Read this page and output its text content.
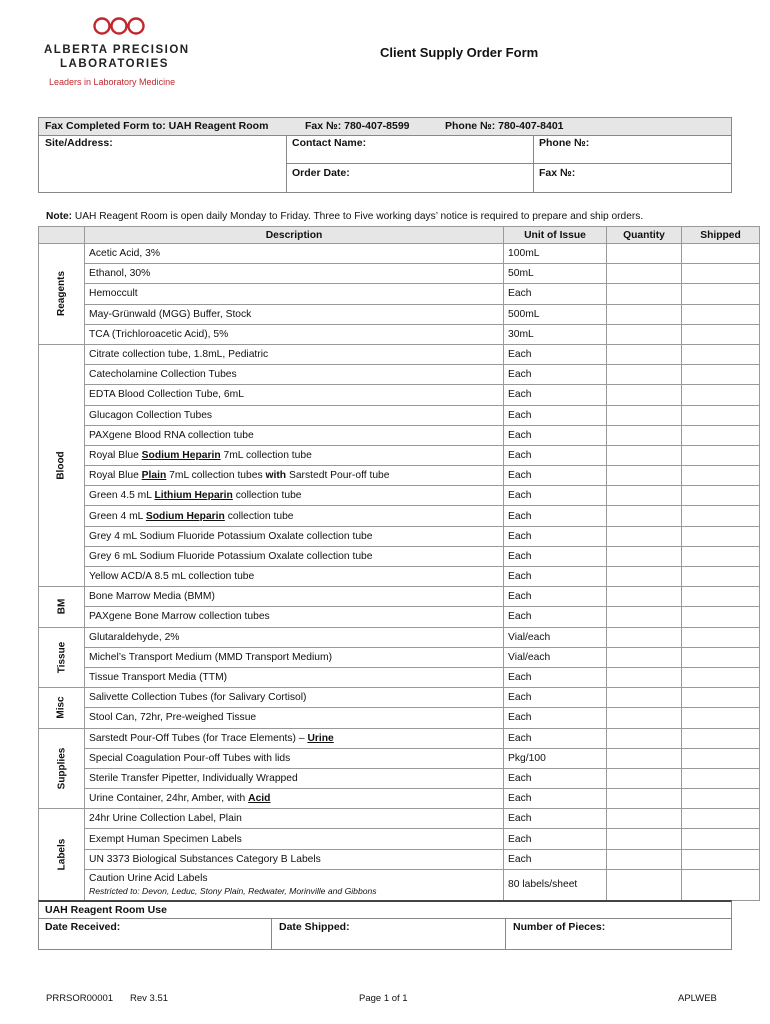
ALBERTA PRECISION
LABORATORIES
Leaders in Laboratory Medicine
Client Supply Order Form
Fax Completed Form to: UAH Reagent Room	Fax №: 780-407-8599	Phone №: 780-407-8401
Site/Address:	Contact Name:	Phone №:
Order Date:	Fax №:
Note: UAH Reagent Room is open daily Monday to Friday. Three to Five working days’ notice is required to prepare and ship orders.
	Description	Unit of Issue	Quantity	Shipped
Reagents	Acetic Acid, 3%	100mL		
	Ethanol, 30%	50mL		
	Hemoccult	Each		
	May-Grünwald (MGG) Buffer, Stock	500mL		
	TCA (Trichloroacetic Acid), 5%	30mL		
Blood	Citrate collection tube, 1.8mL, Pediatric	Each		
	Catecholamine Collection Tubes	Each		
	EDTA Blood Collection Tube, 6mL	Each		
	Glucagon Collection Tubes	Each		
	PAXgene Blood RNA collection tube	Each		
	Royal Blue Sodium Heparin 7mL collection tube	Each		
	Royal Blue Plain 7mL collection tubes with Sarstedt Pour-off tube	Each		
	Green 4.5 mL Lithium Heparin collection tube	Each		
	Green 4 mL Sodium Heparin collection tube	Each		
	Grey 4 mL Sodium Fluoride Potassium Oxalate collection tube	Each		
	Grey 6 mL Sodium Fluoride Potassium Oxalate collection tube	Each		
	Yellow ACD/A 8.5 mL collection tube	Each		
BM	Bone Marrow Media (BMM)	Each		
	PAXgene Bone Marrow collection tubes	Each		
Tissue	Glutaraldehyde, 2%	Vial/each		
	Michel’s Transport Medium (MMD Transport Medium)	Vial/each		
	Tissue Transport Media (TTM)	Each		
Misc	Salivette Collection Tubes (for Salivary Cortisol)	Each		
	Stool Can, 72hr, Pre-weighed Tissue	Each		
Supplies	Sarstedt Pour-Off Tubes (for Trace Elements) – Urine	Each		
	Special Coagulation Pour-off Tubes with lids	Pkg/100		
	Sterile Transfer Pipetter, Individually Wrapped	Each		
	Urine Container, 24hr, Amber, with Acid	Each		
Labels	24hr Urine Collection Label, Plain	Each		
	Exempt Human Specimen Labels	Each		
	UN 3373 Biological Substances Category B Labels	Each		
	Caution Urine Acid Labels
Restricted to: Devon, Leduc, Stony Plain, Redwater, Morinville and Gibbons	80 labels/sheet		
UAH Reagent Room Use
Date Received:	Date Shipped:	Number of Pieces:
PRRSOR00001 Rev 3.51	Page 1 of 1	APLWEB
